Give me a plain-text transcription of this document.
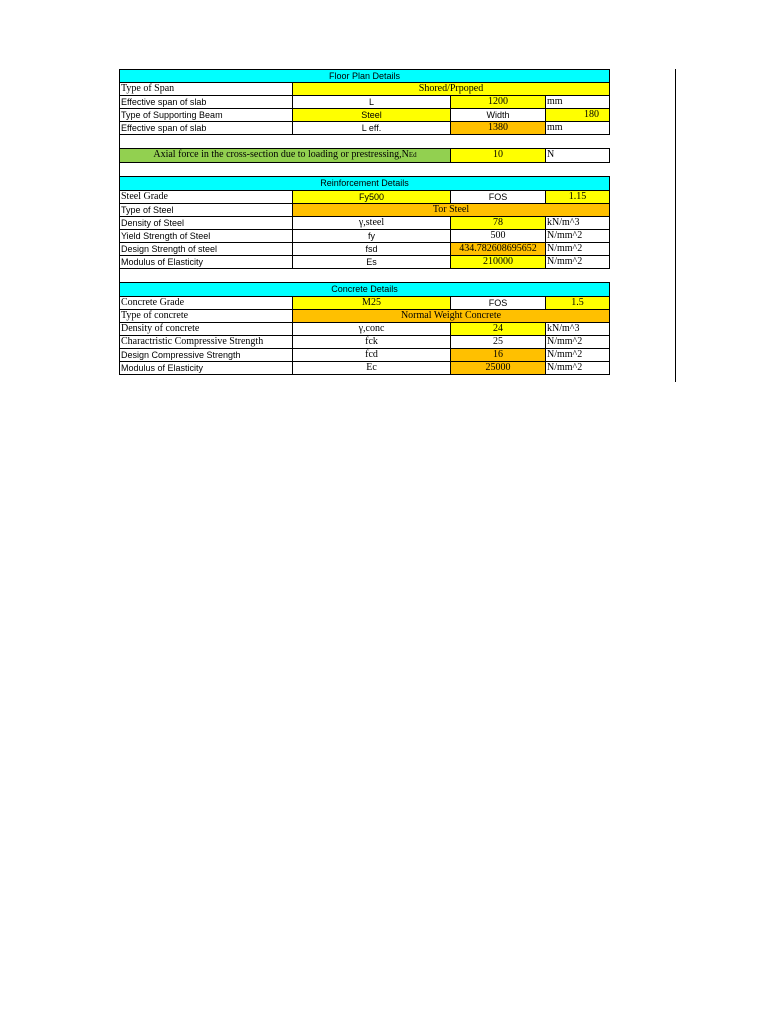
Floor Plan Details
Type of Span	Shored/Prpoped
Effective span of slab	L	1200	mm
Type of Supporting Beam	Steel	Width	180
Effective span of slab	L eff.	1380	mm
Axial force in the cross-section due to loading or prestressing,NEd	10	N
Reinforcement Details
Steel Grade	Fy500	FOS	1.15
Type of Steel	Tor Steel
Density of Steel	γ,steel	78	kN/m^3
Yield Strength of Steel	fy	500	N/mm^2
Design Strength of steel	fsd	434.782608695652	N/mm^2
Modulus of Elasticity	Es	210000	N/mm^2
Concrete Details
Concrete Grade	M25	FOS	1.5
Type of concrete	Normal Weight Concrete
Density of concrete	γ,conc	24	kN/m^3
Charactristic Compressive Strength	fck	25	N/mm^2
Design Compressive Strength	fcd	16	N/mm^2
Modulus of Elasticity	Ec	25000	N/mm^2
